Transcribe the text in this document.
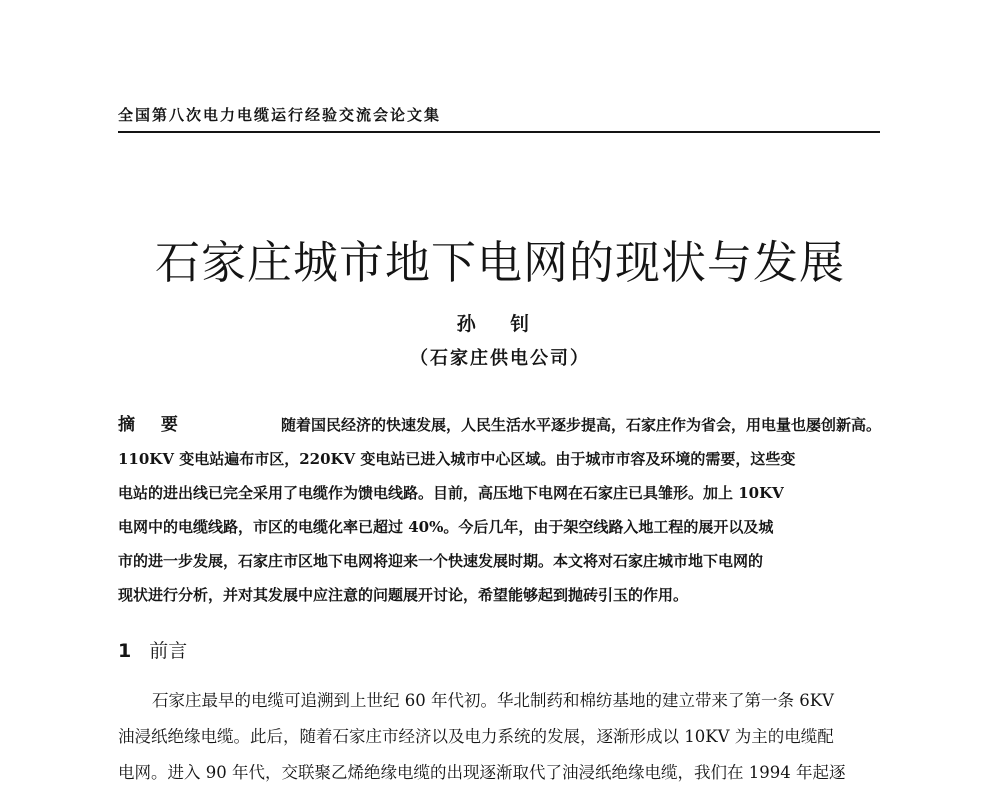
全国第八次电力电缆运行经验交流会论文集
石家庄城市地下电网的现状与发展
孙 钊
（石家庄供电公司）
摘 要	随着国民经济的快速发展，人民生活水平逐步提高，石家庄作为省会，用电量也屡创新高。
110KV 变电站遍布市区，220KV 变电站已进入城市中心区域。由于城市市容及环境的需要，这些变
电站的进出线已完全采用了电缆作为馈电线路。目前，高压地下电网在石家庄已具雏形。加上 10KV
电网中的电缆线路，市区的电缆化率已超过 40%。今后几年，由于架空线路入地工程的展开以及城
市的进一步发展，石家庄市区地下电网将迎来一个快速发展时期。本文将对石家庄城市地下电网的
现状进行分析，并对其发展中应注意的问题展开讨论，希望能够起到抛砖引玉的作用。
1 前言
石家庄最早的电缆可追溯到上世纪 60 年代初。华北制药和棉纺基地的建立带来了第一条 6KV
油浸纸绝缘电缆。此后，随着石家庄市经济以及电力系统的发展，逐渐形成以 10KV 为主的电缆配
电网。进入 90 年代，交联聚乙烯绝缘电缆的出现逐渐取代了油浸纸绝缘电缆，我们在 1994 年起逐
